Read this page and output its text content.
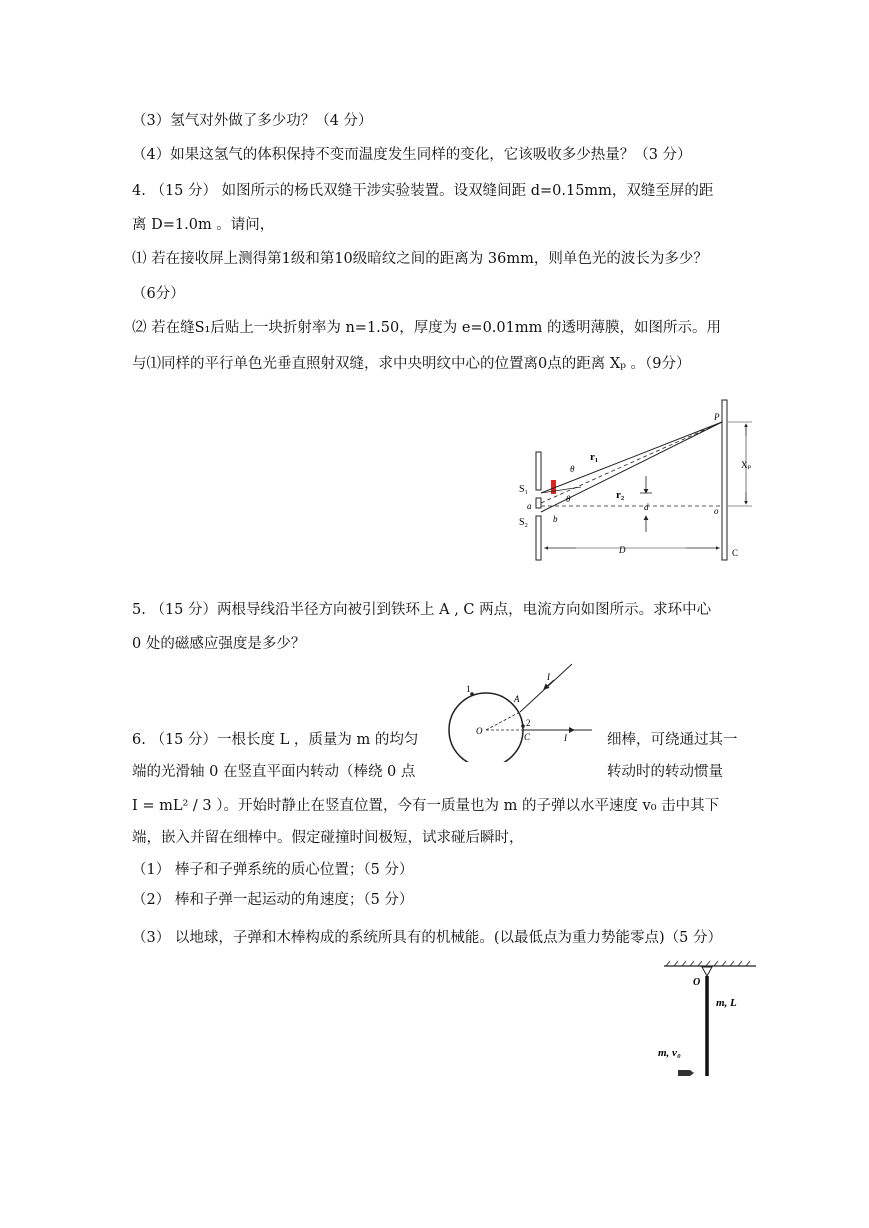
（3）氢气对外做了多少功？（4 分）
（4）如果这氢气的体积保持不变而温度发生同样的变化，它该吸收多少热量？（3 分）
4. （15 分） 如图所示的杨氏双缝干涉实验装置。设双缝间距 d=0.15mm，双缝至屏的距
离 D=1.0m 。请问，
⑴ 若在接收屏上测得第1级和第10级暗纹之间的距离为 36mm，则单色光的波长为多少？
（6分）
⑵ 若在缝S₁后贴上一块折射率为 n=1.50，厚度为 e=0.01mm 的透明薄膜，如图所示。用
与⑴同样的平行单色光垂直照射双缝，求中央明纹中心的位置离0点的距离 Xₚ 。（9分）
5. （15 分）两根导线沿半径方向被引到铁环上 A , C 两点，电流方向如图所示。求环中心
0 处的磁感应强度是多少？
6. （15 分）一根长度 L ，质量为 m 的均匀	细棒，可绕通过其一
端的光滑轴 0 在竖直平面内转动（棒绕 0 点	转动时的转动惯量
I = mL² / 3 ）。开始时静止在竖直位置，今有一质量也为 m 的子弹以水平速度 v₀ 击中其下
端，嵌入并留在细棒中。假定碰撞时间极短，试求碰后瞬时，
（1） 棒子和子弹系统的质心位置；（5 分）
（2） 棒和子弹一起运动的角速度；（5 分）
（3） 以地球，子弹和木棒构成的系统所具有的机械能。(以最低点为重力势能零点)（5 分）
P
r₁
r₂
Xₚ
θ
θ
S₁
S₂
a
b
d	o
D	C
1
A
I
O
2
C	I
O
m, L
m, v₀
